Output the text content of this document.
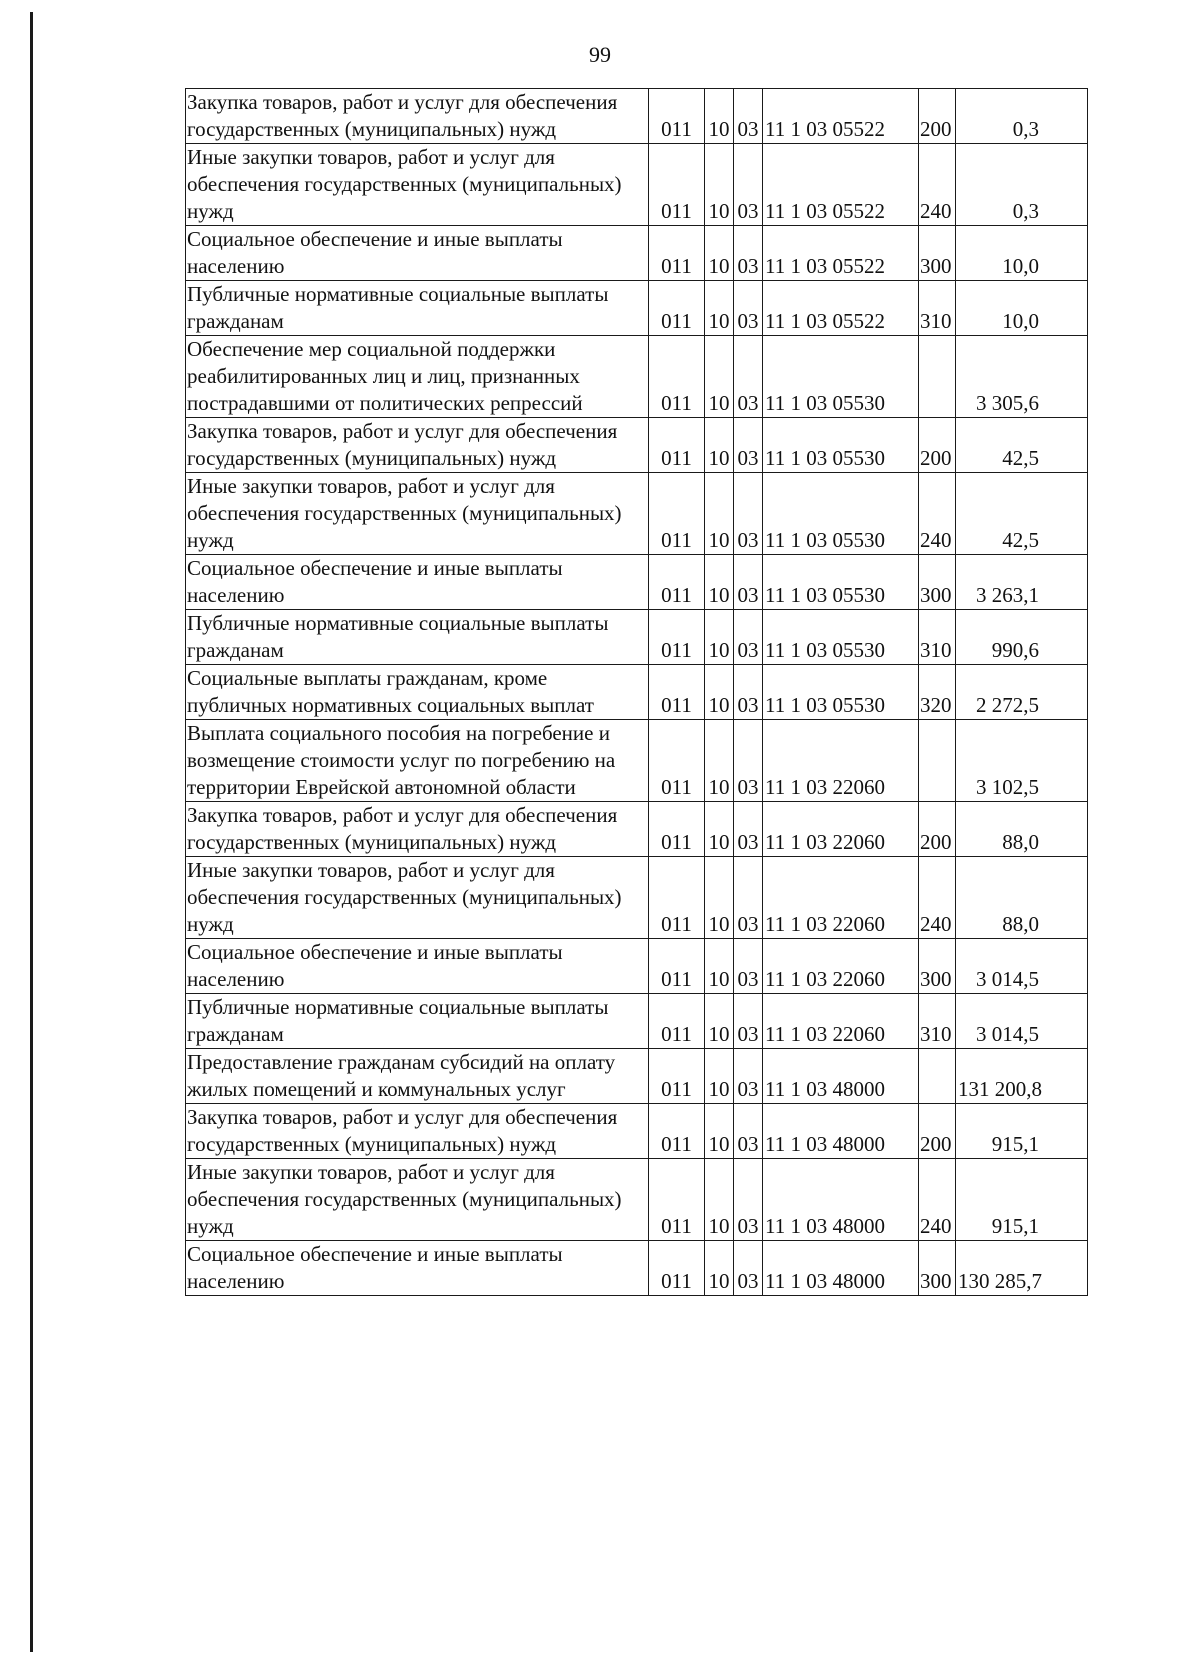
99
Закупка товаров, работ и услуг для обеспечения государственных (муниципальных) нужд	011	10	03	11 1 03 05522	200	0,3
Иные закупки товаров, работ и услуг для обеспечения государственных (муниципальных) нужд	011	10	03	11 1 03 05522	240	0,3
Социальное обеспечение и иные выплаты населению	011	10	03	11 1 03 05522	300	10,0
Публичные нормативные социальные выплаты гражданам	011	10	03	11 1 03 05522	310	10,0
Обеспечение мер социальной поддержки реабилитированных лиц и лиц, признанных пострадавшими от политических репрессий	011	10	03	11 1 03 05530		3 305,6
Закупка товаров, работ и услуг для обеспечения государственных (муниципальных) нужд	011	10	03	11 1 03 05530	200	42,5
Иные закупки товаров, работ и услуг для обеспечения государственных (муниципальных) нужд	011	10	03	11 1 03 05530	240	42,5
Социальное обеспечение и иные выплаты населению	011	10	03	11 1 03 05530	300	3 263,1
Публичные нормативные социальные выплаты гражданам	011	10	03	11 1 03 05530	310	990,6
Социальные выплаты гражданам, кроме публичных нормативных социальных выплат	011	10	03	11 1 03 05530	320	2 272,5
Выплата социального пособия на погребение и возмещение стоимости услуг по погребению на территории Еврейской автономной области	011	10	03	11 1 03 22060		3 102,5
Закупка товаров, работ и услуг для обеспечения государственных (муниципальных) нужд	011	10	03	11 1 03 22060	200	88,0
Иные закупки товаров, работ и услуг для обеспечения государственных (муниципальных) нужд	011	10	03	11 1 03 22060	240	88,0
Социальное обеспечение и иные выплаты населению	011	10	03	11 1 03 22060	300	3 014,5
Публичные нормативные социальные выплаты гражданам	011	10	03	11 1 03 22060	310	3 014,5
Предоставление гражданам субсидий на оплату жилых помещений и коммунальных услуг	011	10	03	11 1 03 48000		131 200,8
Закупка товаров, работ и услуг для обеспечения государственных (муниципальных) нужд	011	10	03	11 1 03 48000	200	915,1
Иные закупки товаров, работ и услуг для обеспечения государственных (муниципальных) нужд	011	10	03	11 1 03 48000	240	915,1
Социальное обеспечение и иные выплаты населению	011	10	03	11 1 03 48000	300	130 285,7
